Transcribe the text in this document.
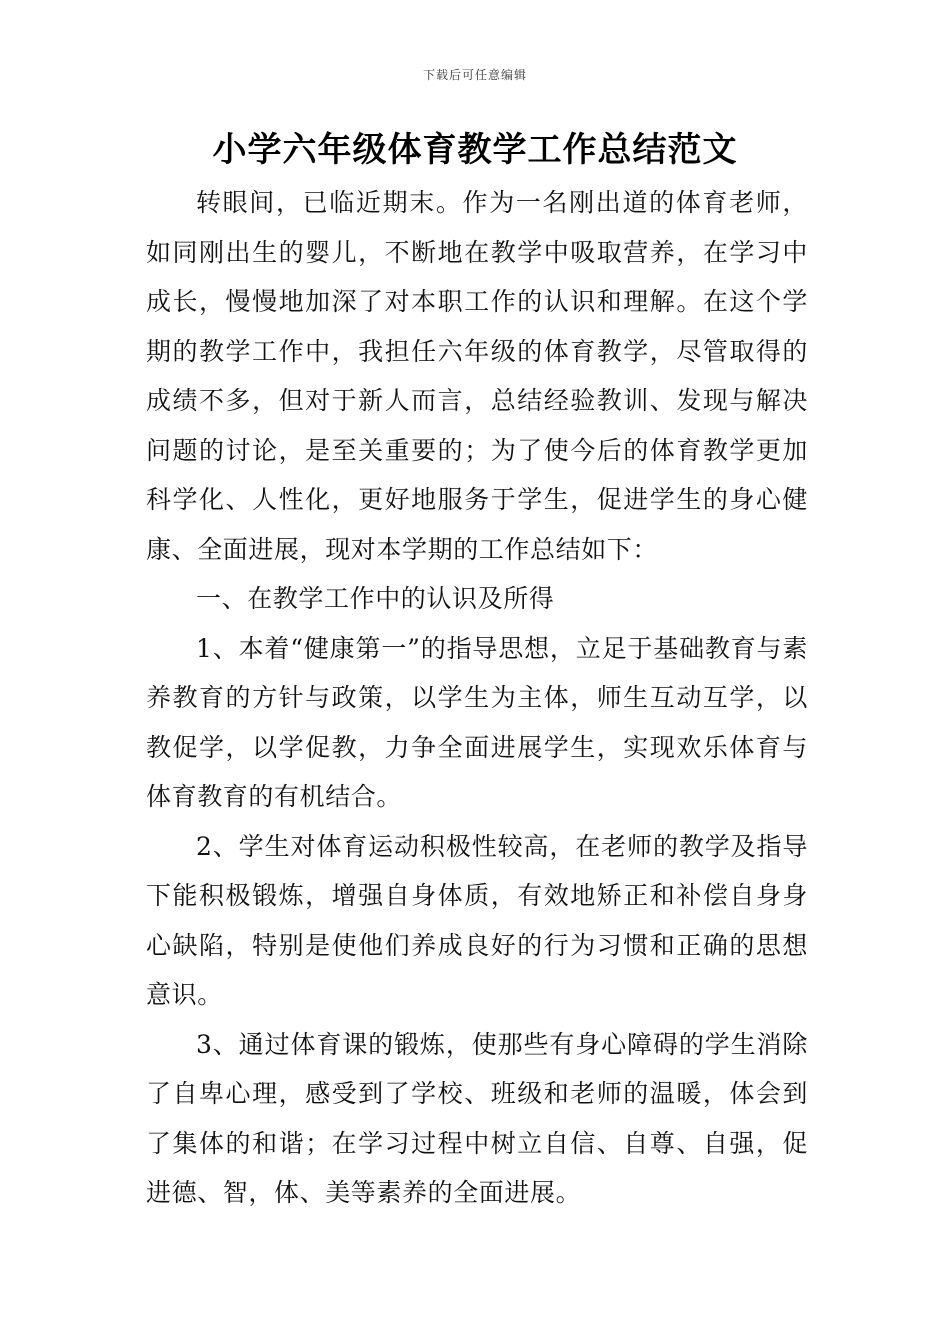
下载后可任意编辑
小学六年级体育教学工作总结范文

转眼间，已临近期末。作为一名刚出道的体育老师，如同刚出生的婴儿，不断地在教学中吸取营养，在学习中成长，慢慢地加深了对本职工作的认识和理解。在这个学期的教学工作中，我担任六年级的体育教学，尽管取得的成绩不多，但对于新人而言，总结经验教训、发现与解决问题的讨论，是至关重要的；为了使今后的体育教学更加科学化、人性化，更好地服务于学生，促进学生的身心健康、全面进展，现对本学期的工作总结如下：

一、在教学工作中的认识及所得

1、本着“健康第一”的指导思想，立足于基础教育与素养教育的方针与政策，以学生为主体，师生互动互学，以教促学，以学促教，力争全面进展学生，实现欢乐体育与体育教育的有机结合。

2、学生对体育运动积极性较高，在老师的教学及指导下能积极锻炼，增强自身体质，有效地矫正和补偿自身身心缺陷，特别是使他们养成良好的行为习惯和正确的思想意识。

3、通过体育课的锻炼，使那些有身心障碍的学生消除了自卑心理，感受到了学校、班级和老师的温暖，体会到了集体的和谐；在学习过程中树立自信、自尊、自强，促进德、智，体、美等素养的全面进展。
